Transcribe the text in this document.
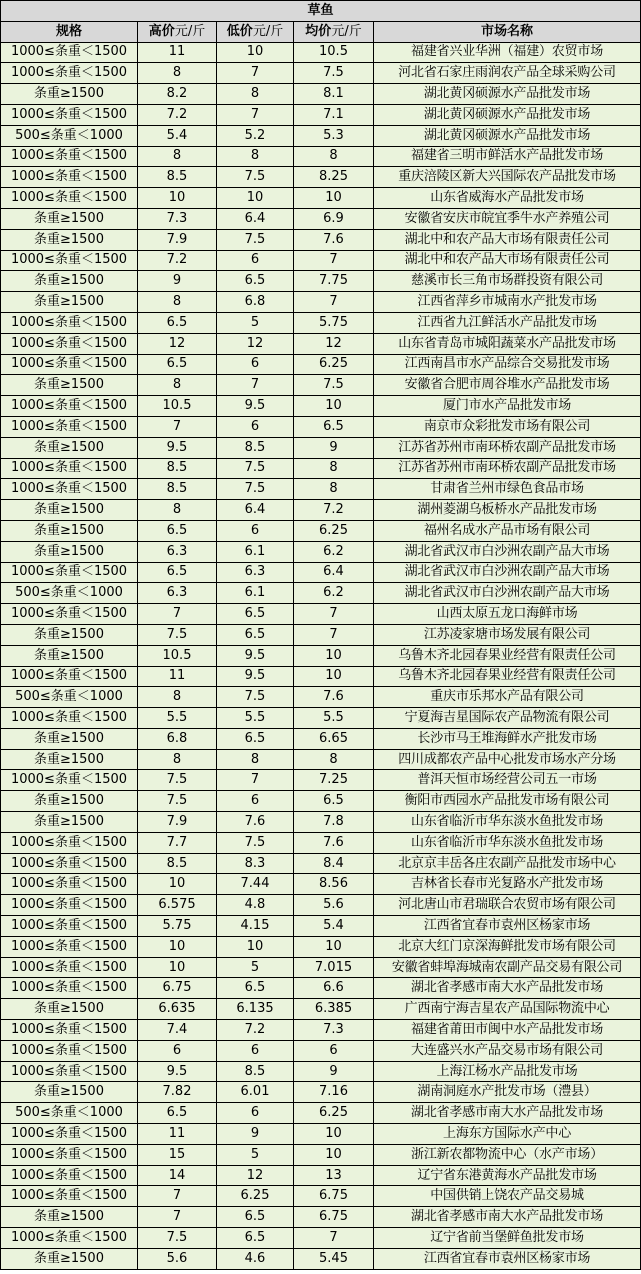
草鱼				
规格	高价元/斤	低价元/斤	均价元/斤	市场名称
1000≤条重＜1500	11	10	10.5	福建省兴业华洲（福建）农贸市场
1000≤条重＜1500	8	7	7.5	河北省石家庄雨润农产品全球采购公司
条重≥1500	8.2	8	8.1	湖北黄冈硕源水产品批发市场
1000≤条重＜1500	7.2	7	7.1	湖北黄冈硕源水产品批发市场
500≤条重＜1000	5.4	5.2	5.3	湖北黄冈硕源水产品批发市场
1000≤条重＜1500	8	8	8	福建省三明市鲜活水产品批发市场
1000≤条重＜1500	8.5	7.5	8.25	重庆涪陵区新大兴国际农产品批发市场
1000≤条重＜1500	10	10	10	山东省威海水产品批发市场
条重≥1500	7.3	6.4	6.9	安徽省安庆市皖宜季牛水产养殖公司
条重≥1500	7.9	7.5	7.6	湖北中和农产品大市场有限责任公司
1000≤条重＜1500	7.2	6	7	湖北中和农产品大市场有限责任公司
条重≥1500	9	6.5	7.75	慈溪市长三角市场群投资有限公司
条重≥1500	8	6.8	7	江西省萍乡市城南水产批发市场
1000≤条重＜1500	6.5	5	5.75	江西省九江鲜活水产品批发市场
1000≤条重＜1500	12	12	12	山东省青岛市城阳蔬菜水产品批发市场
1000≤条重＜1500	6.5	6	6.25	江西南昌市水产品综合交易批发市场
条重≥1500	8	7	7.5	安徽省合肥市周谷堆水产品批发市场
1000≤条重＜1500	10.5	9.5	10	厦门市水产品批发市场
1000≤条重＜1500	7	6	6.5	南京市众彩批发市场有限公司
条重≥1500	9.5	8.5	9	江苏省苏州市南环桥农副产品批发市场
1000≤条重＜1500	8.5	7.5	8	江苏省苏州市南环桥农副产品批发市场
1000≤条重＜1500	8.5	7.5	8	甘肃省兰州市绿色食品市场
条重≥1500	8	6.4	7.2	湖州菱湖乌板桥水产品批发市场
条重≥1500	6.5	6	6.25	福州名成水产品市场有限公司
条重≥1500	6.3	6.1	6.2	湖北省武汉市白沙洲农副产品大市场
1000≤条重＜1500	6.5	6.3	6.4	湖北省武汉市白沙洲农副产品大市场
500≤条重＜1000	6.3	6.1	6.2	湖北省武汉市白沙洲农副产品大市场
1000≤条重＜1500	7	6.5	7	山西太原五龙口海鲜市场
条重≥1500	7.5	6.5	7	江苏凌家塘市场发展有限公司
条重≥1500	10.5	9.5	10	乌鲁木齐北园春果业经营有限责任公司
1000≤条重＜1500	11	9.5	10	乌鲁木齐北园春果业经营有限责任公司
500≤条重＜1000	8	7.5	7.6	重庆市乐邦水产品有限公司
1000≤条重＜1500	5.5	5.5	5.5	宁夏海吉星国际农产品物流有限公司
条重≥1500	6.8	6.5	6.65	长沙市马王堆海鲜水产批发市场
条重≥1500	8	8	8	四川成都农产品中心批发市场水产分场
1000≤条重＜1500	7.5	7	7.25	普洱天恒市场经营公司五一市场
条重≥1500	7.5	6	6.5	衡阳市西园水产品批发市场有限公司
条重≥1500	7.9	7.6	7.8	山东省临沂市华东淡水鱼批发市场
1000≤条重＜1500	7.7	7.5	7.6	山东省临沂市华东淡水鱼批发市场
1000≤条重＜1500	8.5	8.3	8.4	北京京丰岳各庄农副产品批发市场中心
1000≤条重＜1500	10	7.44	8.56	吉林省长春市光复路水产批发市场
1000≤条重＜1500	6.575	4.8	5.6	河北唐山市君瑞联合农贸市场有限公司
1000≤条重＜1500	5.75	4.15	5.4	江西省宜春市袁州区杨家市场
1000≤条重＜1500	10	10	10	北京大红门京深海鲜批发市场有限公司
1000≤条重＜1500	10	5	7.015	安徽省蚌埠海城南农副产品交易有限公司
1000≤条重＜1500	6.75	6.5	6.6	湖北省孝感市南大水产品批发市场
条重≥1500	6.635	6.135	6.385	广西南宁海吉星农产品国际物流中心
1000≤条重＜1500	7.4	7.2	7.3	福建省莆田市闽中水产品批发市场
1000≤条重＜1500	6	6	6	大连盛兴水产品交易市场有限公司
1000≤条重＜1500	9.5	8.5	9	上海江杨水产品批发市场
条重≥1500	7.82	6.01	7.16	湖南洞庭水产批发市场（澧县）
500≤条重＜1000	6.5	6	6.25	湖北省孝感市南大水产品批发市场
1000≤条重＜1500	11	9	10	上海东方国际水产中心
1000≤条重＜1500	15	5	10	浙江新农都物流中心（水产市场）
1000≤条重＜1500	14	12	13	辽宁省东港黄海水产品批发市场
1000≤条重＜1500	7	6.25	6.75	中国供销上饶农产品交易城
条重≥1500	7	6.5	6.75	湖北省孝感市南大水产品批发市场
1000≤条重＜1500	7.5	6.5	7	辽宁省前当堡鲜鱼批发市场
条重≥1500	5.6	4.6	5.45	江西省宜春市袁州区杨家市场
